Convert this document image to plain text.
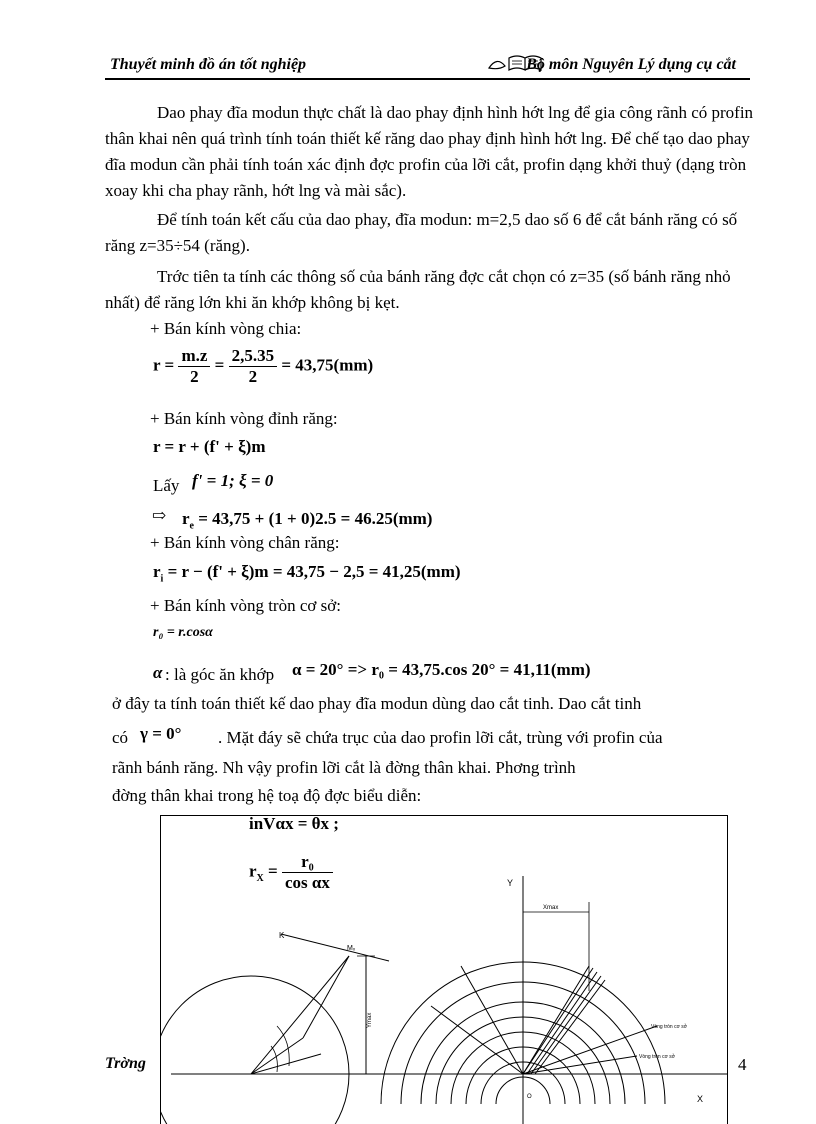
Thuyết minh đồ án tốt nghiệp	Bộ môn Nguyên Lý dụng cụ cắt
Dao phay đĩa modun thực chất là dao phay định hình hớt lng để gia công rãnh có profin thân khai nên quá trình tính toán thiết kế răng dao phay định hình hớt lng. Để chế tạo dao phay đĩa modun cần phải tính toán xác định đợc profin của lỡi cắt, profin dạng khởi thuỷ (dạng tròn xoay khi cha phay rãnh, hớt lng và mài sắc).
Để tính toán kết cấu của dao phay, đĩa modun: m=2,5 dao số 6 để cắt bánh răng có số răng z=35÷54 (răng).
Trớc tiên ta tính các thông số của bánh răng đợc cắt chọn có z=35 (số bánh răng nhỏ nhất) để răng lớn khi ăn khớp không bị kẹt.
+ Bán kính vòng chia:
$r = \frac{m.z}{2} = \frac{2,5.35}{2} = 43,75(mm)$
+ Bán kính vòng đỉnh răng:
r = r + (f' + ξ)m
Lấy f' = 1; ξ = 0
⇨ $r_e = 43,75 + (1 + 0)2.5 = 46.25(mm)$
+ Bán kính vòng chân răng:
$r_i = r - (f' + \xi)m = 43,75 - 2,5 = 41,25(mm)$
+ Bán kính vòng tròn cơ sở:
r₀ = r.cosα
α : là góc ăn khớp α = 20° => r₀ = 43,75.cos 20° = 41,11(mm)
ở đây ta tính toán thiết kế dao phay đĩa modun dùng dao cắt tinh. Dao cắt tinh
có γ = 0° . Mặt đáy sẽ chứa trục của dao profin lỡi cắt, trùng với profin của
rãnh bánh răng. Nh vậy profin lỡi cắt là đờng thân khai. Phơng trình
đờng thân khai trong hệ toạ độ đợc biểu diễn:
inVαx = θx ;
$r_X = \frac{\text{r₀}}{\text{cos αx}}$
Ymax
K
Mₓ
Y
X
O
Xmax
Vòng tròn cơ sở
Vòng tròn cơ sở
Trờng	4
